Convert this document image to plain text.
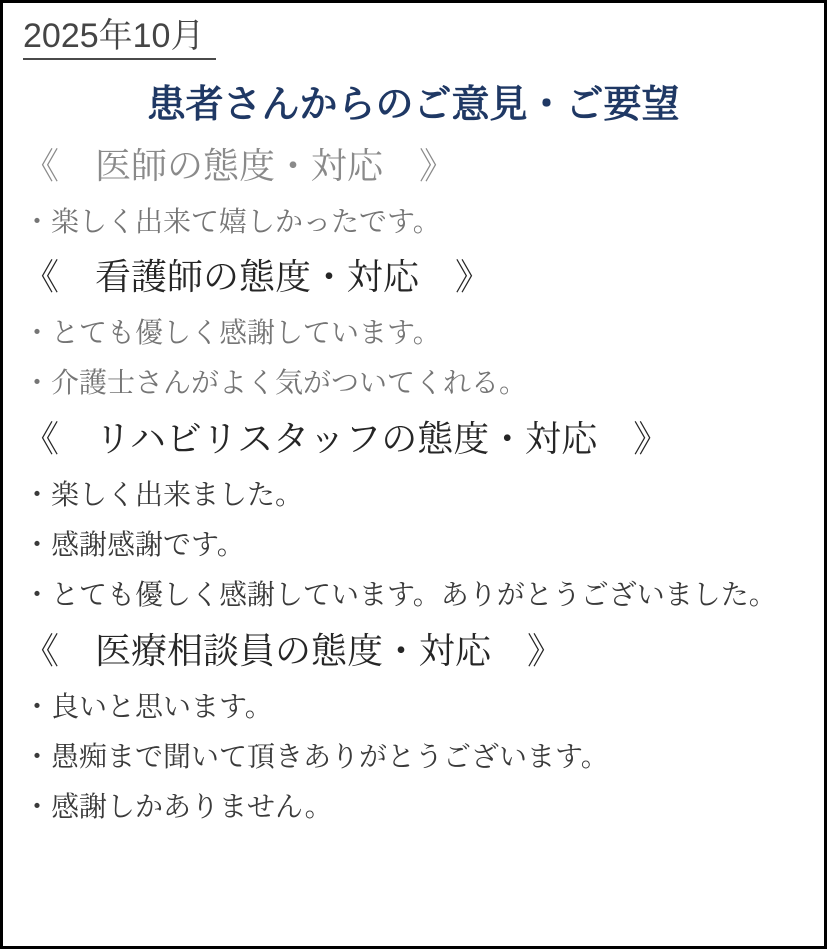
2025年10月
患者さんからのご意見・ご要望
《　医師の態度・対応　》

・楽しく出来て嬉しかったです。

《　看護師の態度・対応　》

・とても優しく感謝しています。

・介護士さんがよく気がついてくれる。

《　リハビリスタッフの態度・対応　》

・楽しく出来ました。

・感謝感謝です。

・とても優しく感謝しています。ありがとうございました。

《　医療相談員の態度・対応　》

・良いと思います。

・愚痴まで聞いて頂きありがとうございます。

・感謝しかありません。
